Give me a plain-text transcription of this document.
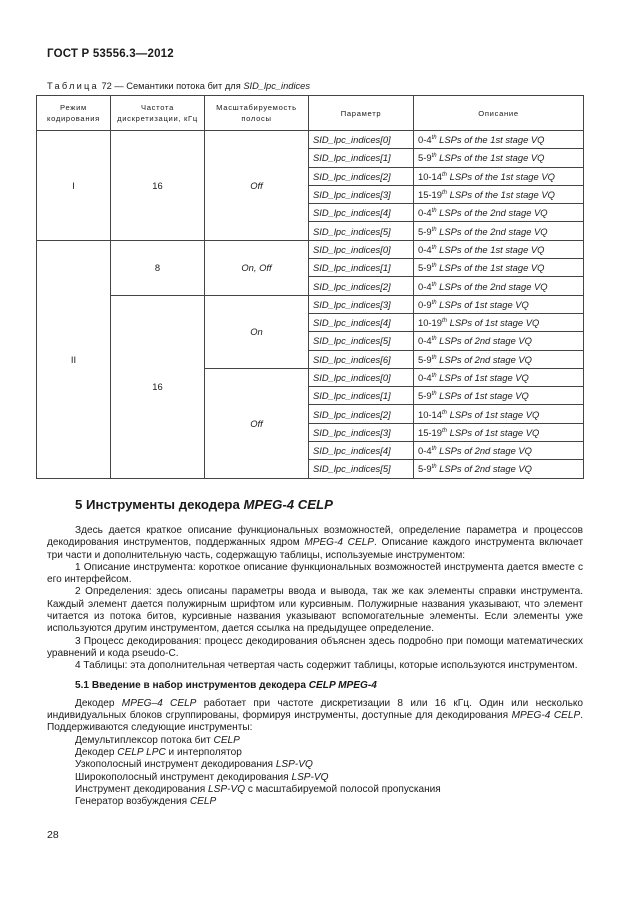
ГОСТ Р 53556.3—2012
Таблица 72 — Семантики потока бит для SID_lpc_indices
Режим кодирования	Частота дискретизации, кГц	Масштабируемость полосы	Параметр	Описание
I	16	Off	SID_lpc_indices[0]	0-4th LSPs of the 1st stage VQ
			SID_lpc_indices[1]	5-9th LSPs of the 1st stage VQ
			SID_lpc_indices[2]	10-14th LSPs of the 1st stage VQ
			SID_lpc_indices[3]	15-19th LSPs of the 1st stage VQ
			SID_lpc_indices[4]	0-4th LSPs of the 2nd stage VQ
			SID_lpc_indices[5]	5-9th LSPs of the 2nd stage VQ
II	8	On, Off	SID_lpc_indices[0]	0-4th LSPs of the 1st stage VQ
			SID_lpc_indices[1]	5-9th LSPs of the 1st stage VQ
			SID_lpc_indices[2]	0-4th LSPs of the 2nd stage VQ
	16	On	SID_lpc_indices[3]	0-9th LSPs of 1st stage VQ
			SID_lpc_indices[4]	10-19th LSPs of 1st stage VQ
			SID_lpc_indices[5]	0-4th LSPs of 2nd stage VQ
			SID_lpc_indices[6]	5-9th LSPs of 2nd stage VQ
		Off	SID_lpc_indices[0]	0-4th LSPs of 1st stage VQ
			SID_lpc_indices[1]	5-9th LSPs of 1st stage VQ
			SID_lpc_indices[2]	10-14th LSPs of 1st stage VQ
			SID_lpc_indices[3]	15-19th LSPs of 1st stage VQ
			SID_lpc_indices[4]	0-4th LSPs of 2nd stage VQ
			SID_lpc_indices[5]	5-9th LSPs of 2nd stage VQ
5 Инструменты декодера MPEG-4 CELP

Здесь дается краткое описание функциональных возможностей, определение параметра и процессов декодирования инструментов, поддержанных ядром MPEG-4 CELP. Описание каждого инструмента включает три части и дополнительную часть, содержащую таблицы, используемые инструментом:

1 Описание инструмента: короткое описание функциональных возможностей инструмента дается вместе с его интерфейсом.

2 Определения: здесь описаны параметры ввода и вывода, так же как элементы справки инструмента. Каждый элемент дается полужирным шрифтом или курсивным. Полужирные названия указывают, что элемент читается из потока битов, курсивные названия указывают вспомогательные элементы. Если элементы уже используются другим инструментом, дается ссылка на предыдущее определение.

3 Процесс декодирования: процесс декодирования объяснен здесь подробно при помощи математических уравнений и кода pseudo-C.

4 Таблицы: эта дополнительная четвертая часть содержит таблицы, которые используются инструментом.

5.1 Введение в набор инструментов декодера CELP MPEG-4

Декодер MPEG–4 CELP работает при частоте дискретизации 8 или 16 кГц. Один или несколько индивидуальных блоков сгруппированы, формируя инструменты, доступные для декодирования MPEG-4 CELP. Поддерживаются следующие инструменты:

Демультиплексор потока бит CELP

Декодер CELP LPC и интерполятор

Узкополосный инструмент декодирования LSP-VQ

Широкополосный инструмент декодирования LSP-VQ

Инструмент декодирования LSP-VQ с масштабируемой полосой пропускания

Генератор возбуждения CELP

28
